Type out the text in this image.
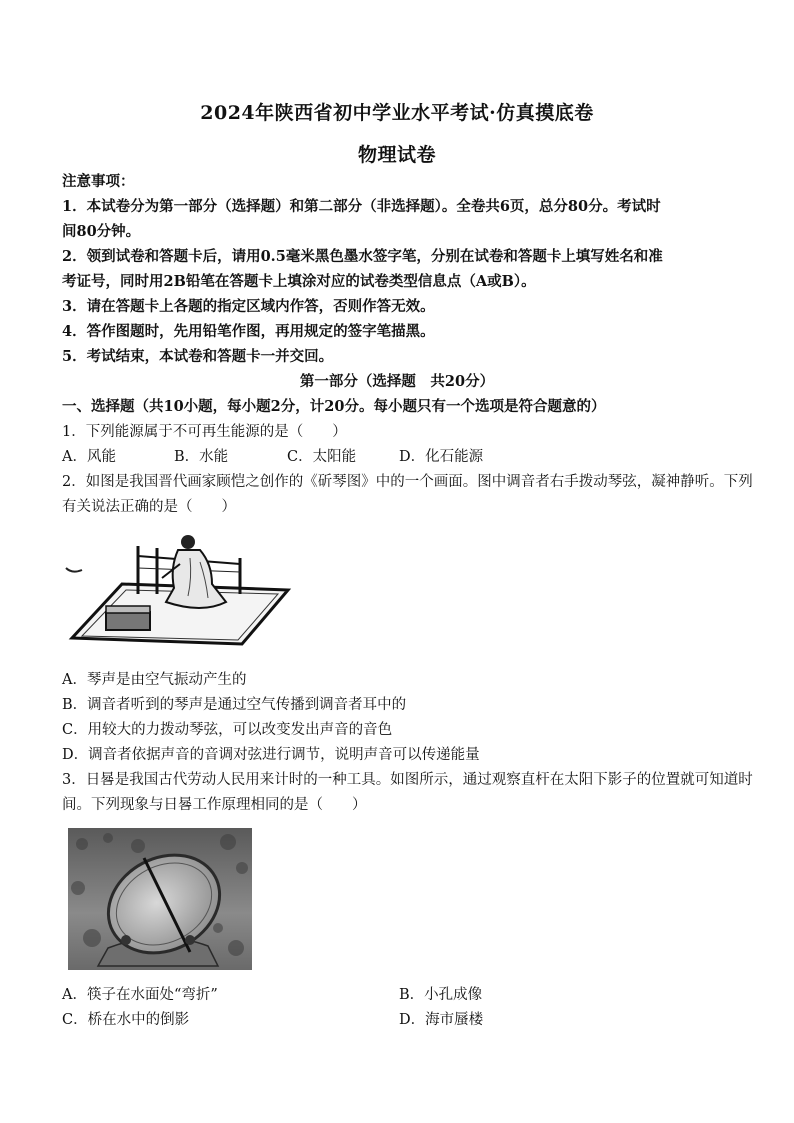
2024年陕西省初中学业水平考试·仿真摸底卷
物理试卷
注意事项：
1．本试卷分为第一部分（选择题）和第二部分（非选择题）。全卷共6页，总分80分。考试时
间80分钟。
2．领到试卷和答题卡后，请用0.5毫米黑色墨水签字笔，分别在试卷和答题卡上填写姓名和准
考证号，同时用2B铅笔在答题卡上填涂对应的试卷类型信息点（A或B）。
3．请在答题卡上各题的指定区域内作答，否则作答无效。
4．答作图题时，先用铅笔作图，再用规定的签字笔描黑。
5．考试结束，本试卷和答题卡一并交回。
第一部分（选择题　共20分）
一、选择题（共10小题，每小题2分，计20分。每小题只有一个选项是符合题意的）
1．下列能源属于不可再生能源的是（　　）
A．风能	B．水能	C．太阳能	D．化石能源
2．如图是我国晋代画家顾恺之创作的《斫琴图》中的一个画面。图中调音者右手拨动琴弦，凝神静听。下列
有关说法正确的是（　　）
A．琴声是由空气振动产生的
B．调音者听到的琴声是通过空气传播到调音者耳中的
C．用较大的力拨动琴弦，可以改变发出声音的音色
D．调音者依据声音的音调对弦进行调节，说明声音可以传递能量
3．日晷是我国古代劳动人民用来计时的一种工具。如图所示，通过观察直杆在太阳下影子的位置就可知道时
间。下列现象与日晷工作原理相同的是（　　）
A．筷子在水面处“弯折”	B．小孔成像
C．桥在水中的倒影	D．海市蜃楼
